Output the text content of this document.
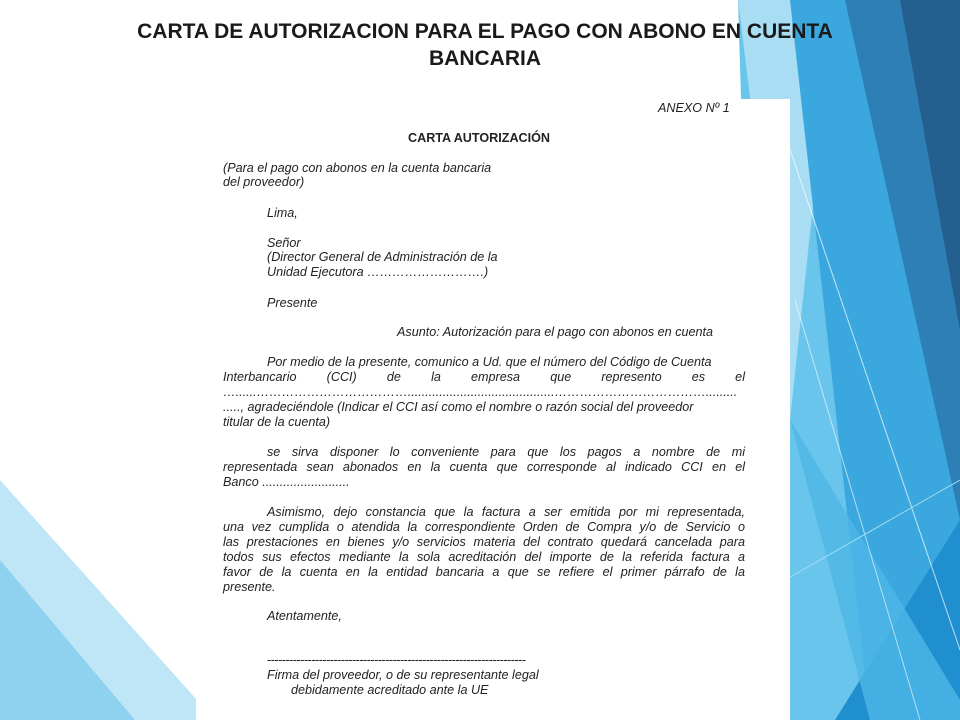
CARTA DE AUTORIZACION PARA EL PAGO CON ABONO EN CUENTA BANCARIA

ANEXO Nº 1

CARTA AUTORIZACIÓN

(Para el pago con abonos en la cuenta bancaria

del proveedor)

Lima,

Señor

(Director General de Administración de la

Unidad Ejecutora ……………………….)

Presente

Asunto: Autorización para el pago con abonos en cuenta

Por medio de la presente, comunico a Ud. que el número del Código de Cuenta

Interbancario (CCI) de la empresa que represento es el

…......………………………………..........................................……………………………….........

....., agradeciéndole (Indicar el CCI así como el nombre o razón social del proveedor

titular de la cuenta)

se sirva disponer lo conveniente para que los pagos a nombre de mi

representada sean abonados en la cuenta que corresponde al indicado CCI en el

Banco .........................

Asimismo, dejo constancia que la factura a ser emitida por mi representada,

una vez cumplida o atendida la correspondiente Orden de Compra y/o de Servicio o

las prestaciones en bienes y/o servicios materia del contrato quedará cancelada para

todos sus efectos mediante la sola acreditación del importe de la referida factura a

favor de la cuenta en la entidad bancaria a que se refiere el primer párrafo de la

presente.

Atentamente,

----------------------------------------------------------------------

Firma del proveedor, o de su representante legal

debidamente acreditado ante la UE
